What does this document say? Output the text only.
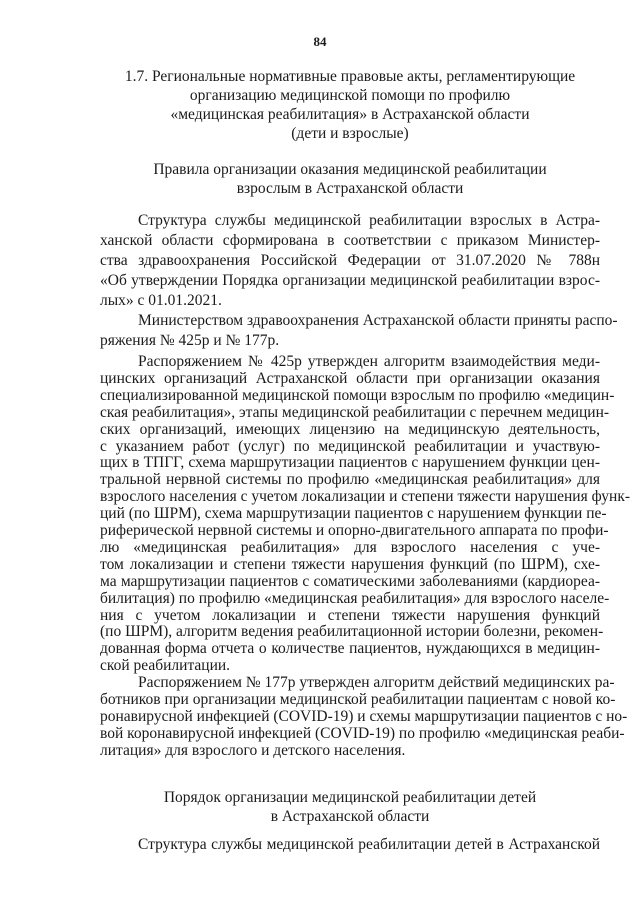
84
1.7. Региональные нормативные правовые акты, регламентирующие
организацию медицинской помощи по профилю
«медицинская реабилитация» в Астраханской области
(дети и взрослые)
Правила организации оказания медицинской реабилитации
взрослым в Астраханской области
Структура службы медицинской реабилитации взрослых в Астра-
ханской области сформирована в соответствии с приказом Министер-
ства здравоохранения Российской Федерации от 31.07.2020 № 788н
«Об утверждении Порядка организации медицинской реабилитации взрос-
лых» с 01.01.2021.
Министерством здравоохранения Астраханской области приняты распо-
ряжения № 425р и № 177р.
Распоряжением № 425р утвержден алгоритм взаимодействия меди-
цинских организаций Астраханской области при организации оказания
специализированной медицинской помощи взрослым по профилю «медицин-
ская реабилитация», этапы медицинской реабилитации с перечнем медицин-
ских организаций, имеющих лицензию на медицинскую деятельность,
с указанием работ (услуг) по медицинской реабилитации и участвую-
щих в ТПГГ, схема маршрутизации пациентов с нарушением функции цен-
тральной нервной системы по профилю «медицинская реабилитация» для
взрослого населения с учетом локализации и степени тяжести нарушения функ-
ций (по ШРМ), схема маршрутизации пациентов с нарушением функции пе-
риферической нервной системы и опорно-двигательного аппарата по профи-
лю «медицинская реабилитация» для взрослого населения с уче-
том локализации и степени тяжести нарушения функций (по ШРМ), схе-
ма маршрутизации пациентов с соматическими заболеваниями (кардиореа-
билитация) по профилю «медицинская реабилитация» для взрослого населе-
ния с учетом локализации и степени тяжести нарушения функций
(по ШРМ), алгоритм ведения реабилитационной истории болезни, рекомен-
дованная форма отчета о количестве пациентов, нуждающихся в медицин-
ской реабилитации.
Распоряжением № 177р утвержден алгоритм действий медицинских ра-
ботников при организации медицинской реабилитации пациентам с новой ко-
ронавирусной инфекцией (COVID-19) и схемы маршрутизации пациентов с но-
вой коронавирусной инфекцией (COVID-19) по профилю «медицинская реаби-
литация» для взрослого и детского населения.
Порядок организации медицинской реабилитации детей
в Астраханской области
Структура службы медицинской реабилитации детей в Астраханской
